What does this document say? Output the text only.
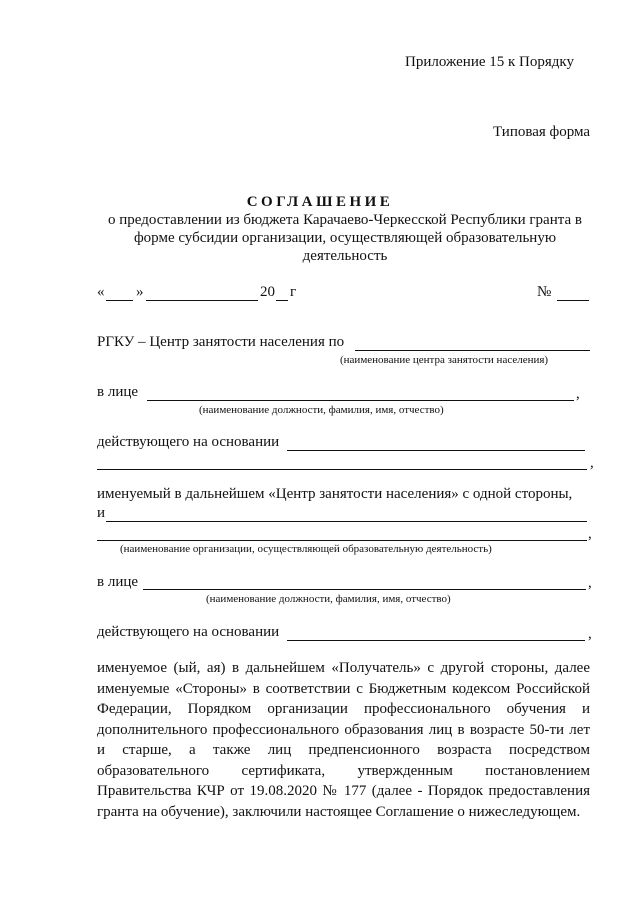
Приложение 15 к Порядку
Типовая форма
СОГЛАШЕНИЕ
о предоставлении из бюджета Карачаево-Черкесской Республики гранта в
форме субсидии организации, осуществляющей образовательную
деятельность
« »	20 г	№
РГКУ – Центр занятости населения по
(наименование центра занятости населения)
в лице	,
(наименование должности, фамилия, имя, отчество)
действующего на основании
,
именуемый в дальнейшем «Центр занятости населения» с одной стороны,
и
,
(наименование организации, осуществляющей образовательную деятельность)
в лице	,
(наименование должности, фамилия, имя, отчество)
действующего на основании	,
именуемое (ый, ая) в дальнейшем «Получатель» с другой стороны, далее именуемые «Стороны» в соответствии с Бюджетным кодексом Российской Федерации, Порядком организации профессионального обучения и дополнительного профессионального образования лиц в возрасте 50-ти лет и старше, а также лиц предпенсионного возраста посредством образовательного сертификата, утвержденным постановлением Правительства КЧР от 19.08.2020 № 177 (далее - Порядок предоставления гранта на обучение), заключили настоящее Соглашение о нижеследующем.
